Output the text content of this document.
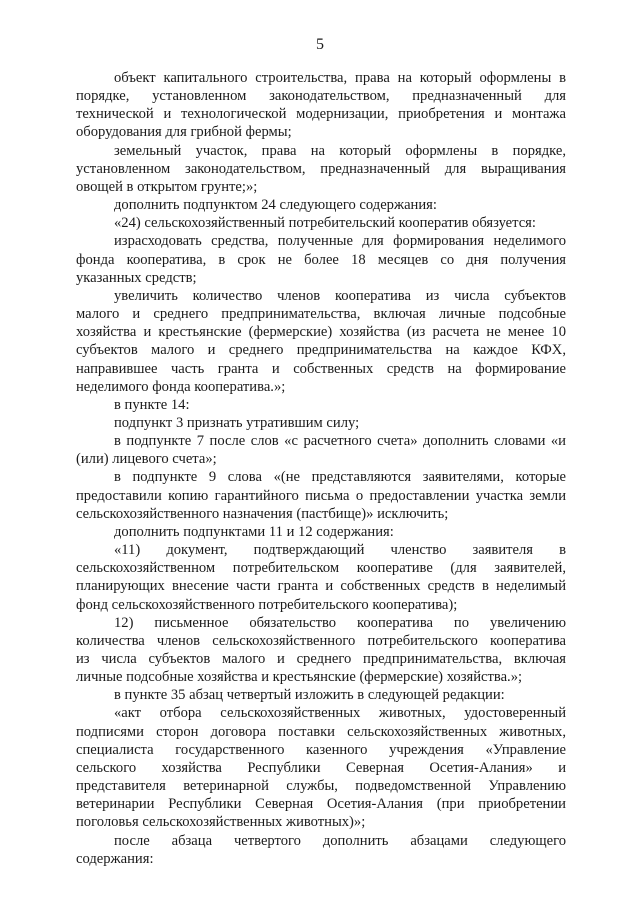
5
объект капитального строительства, права на который оформлены в
порядке, установленном законодательством, предназначенный для
технической и технологической модернизации, приобретения и монтажа
оборудования для грибной фермы;
земельный участок, права на который оформлены в порядке,
установленном законодательством, предназначенный для выращивания
овощей в открытом грунте;»;
дополнить подпунктом 24 следующего содержания:
«24) сельскохозяйственный потребительский кооператив обязуется:
израсходовать средства, полученные для формирования неделимого
фонда кооператива, в срок не более 18 месяцев со дня получения
указанных средств;
увеличить количество членов кооператива из числа субъектов
малого и среднего предпринимательства, включая личные подсобные
хозяйства и крестьянские (фермерские) хозяйства (из расчета не менее 10
субъектов малого и среднего предпринимательства на каждое КФХ,
направившее часть гранта и собственных средств на формирование
неделимого фонда кооператива.»;
в пункте 14:
подпункт 3 признать утратившим силу;
в подпункте 7 после слов «с расчетного счета» дополнить словами «и
(или) лицевого счета»;
в подпункте 9 слова «(не представляются заявителями, которые
предоставили копию гарантийного письма о предоставлении участка земли
сельскохозяйственного назначения (пастбище)» исключить;
дополнить подпунктами 11 и 12 содержания:
«11) документ, подтверждающий членство заявителя в
сельскохозяйственном потребительском кооперативе (для заявителей,
планирующих внесение части гранта и собственных средств в неделимый
фонд сельскохозяйственного потребительского кооператива);
12) письменное обязательство кооператива по увеличению
количества членов сельскохозяйственного потребительского кооператива
из числа субъектов малого и среднего предпринимательства, включая
личные подсобные хозяйства и крестьянские (фермерские) хозяйства.»;
в пункте 35 абзац четвертый изложить в следующей редакции:
«акт отбора сельскохозяйственных животных, удостоверенный
подписями сторон договора поставки сельскохозяйственных животных,
специалиста государственного казенного учреждения «Управление
сельского хозяйства Республики Северная Осетия-Алания» и
представителя ветеринарной службы, подведомственной Управлению
ветеринарии Республики Северная Осетия-Алания (при приобретении
поголовья сельскохозяйственных животных)»;
после абзаца четвертого дополнить абзацами следующего
содержания:
